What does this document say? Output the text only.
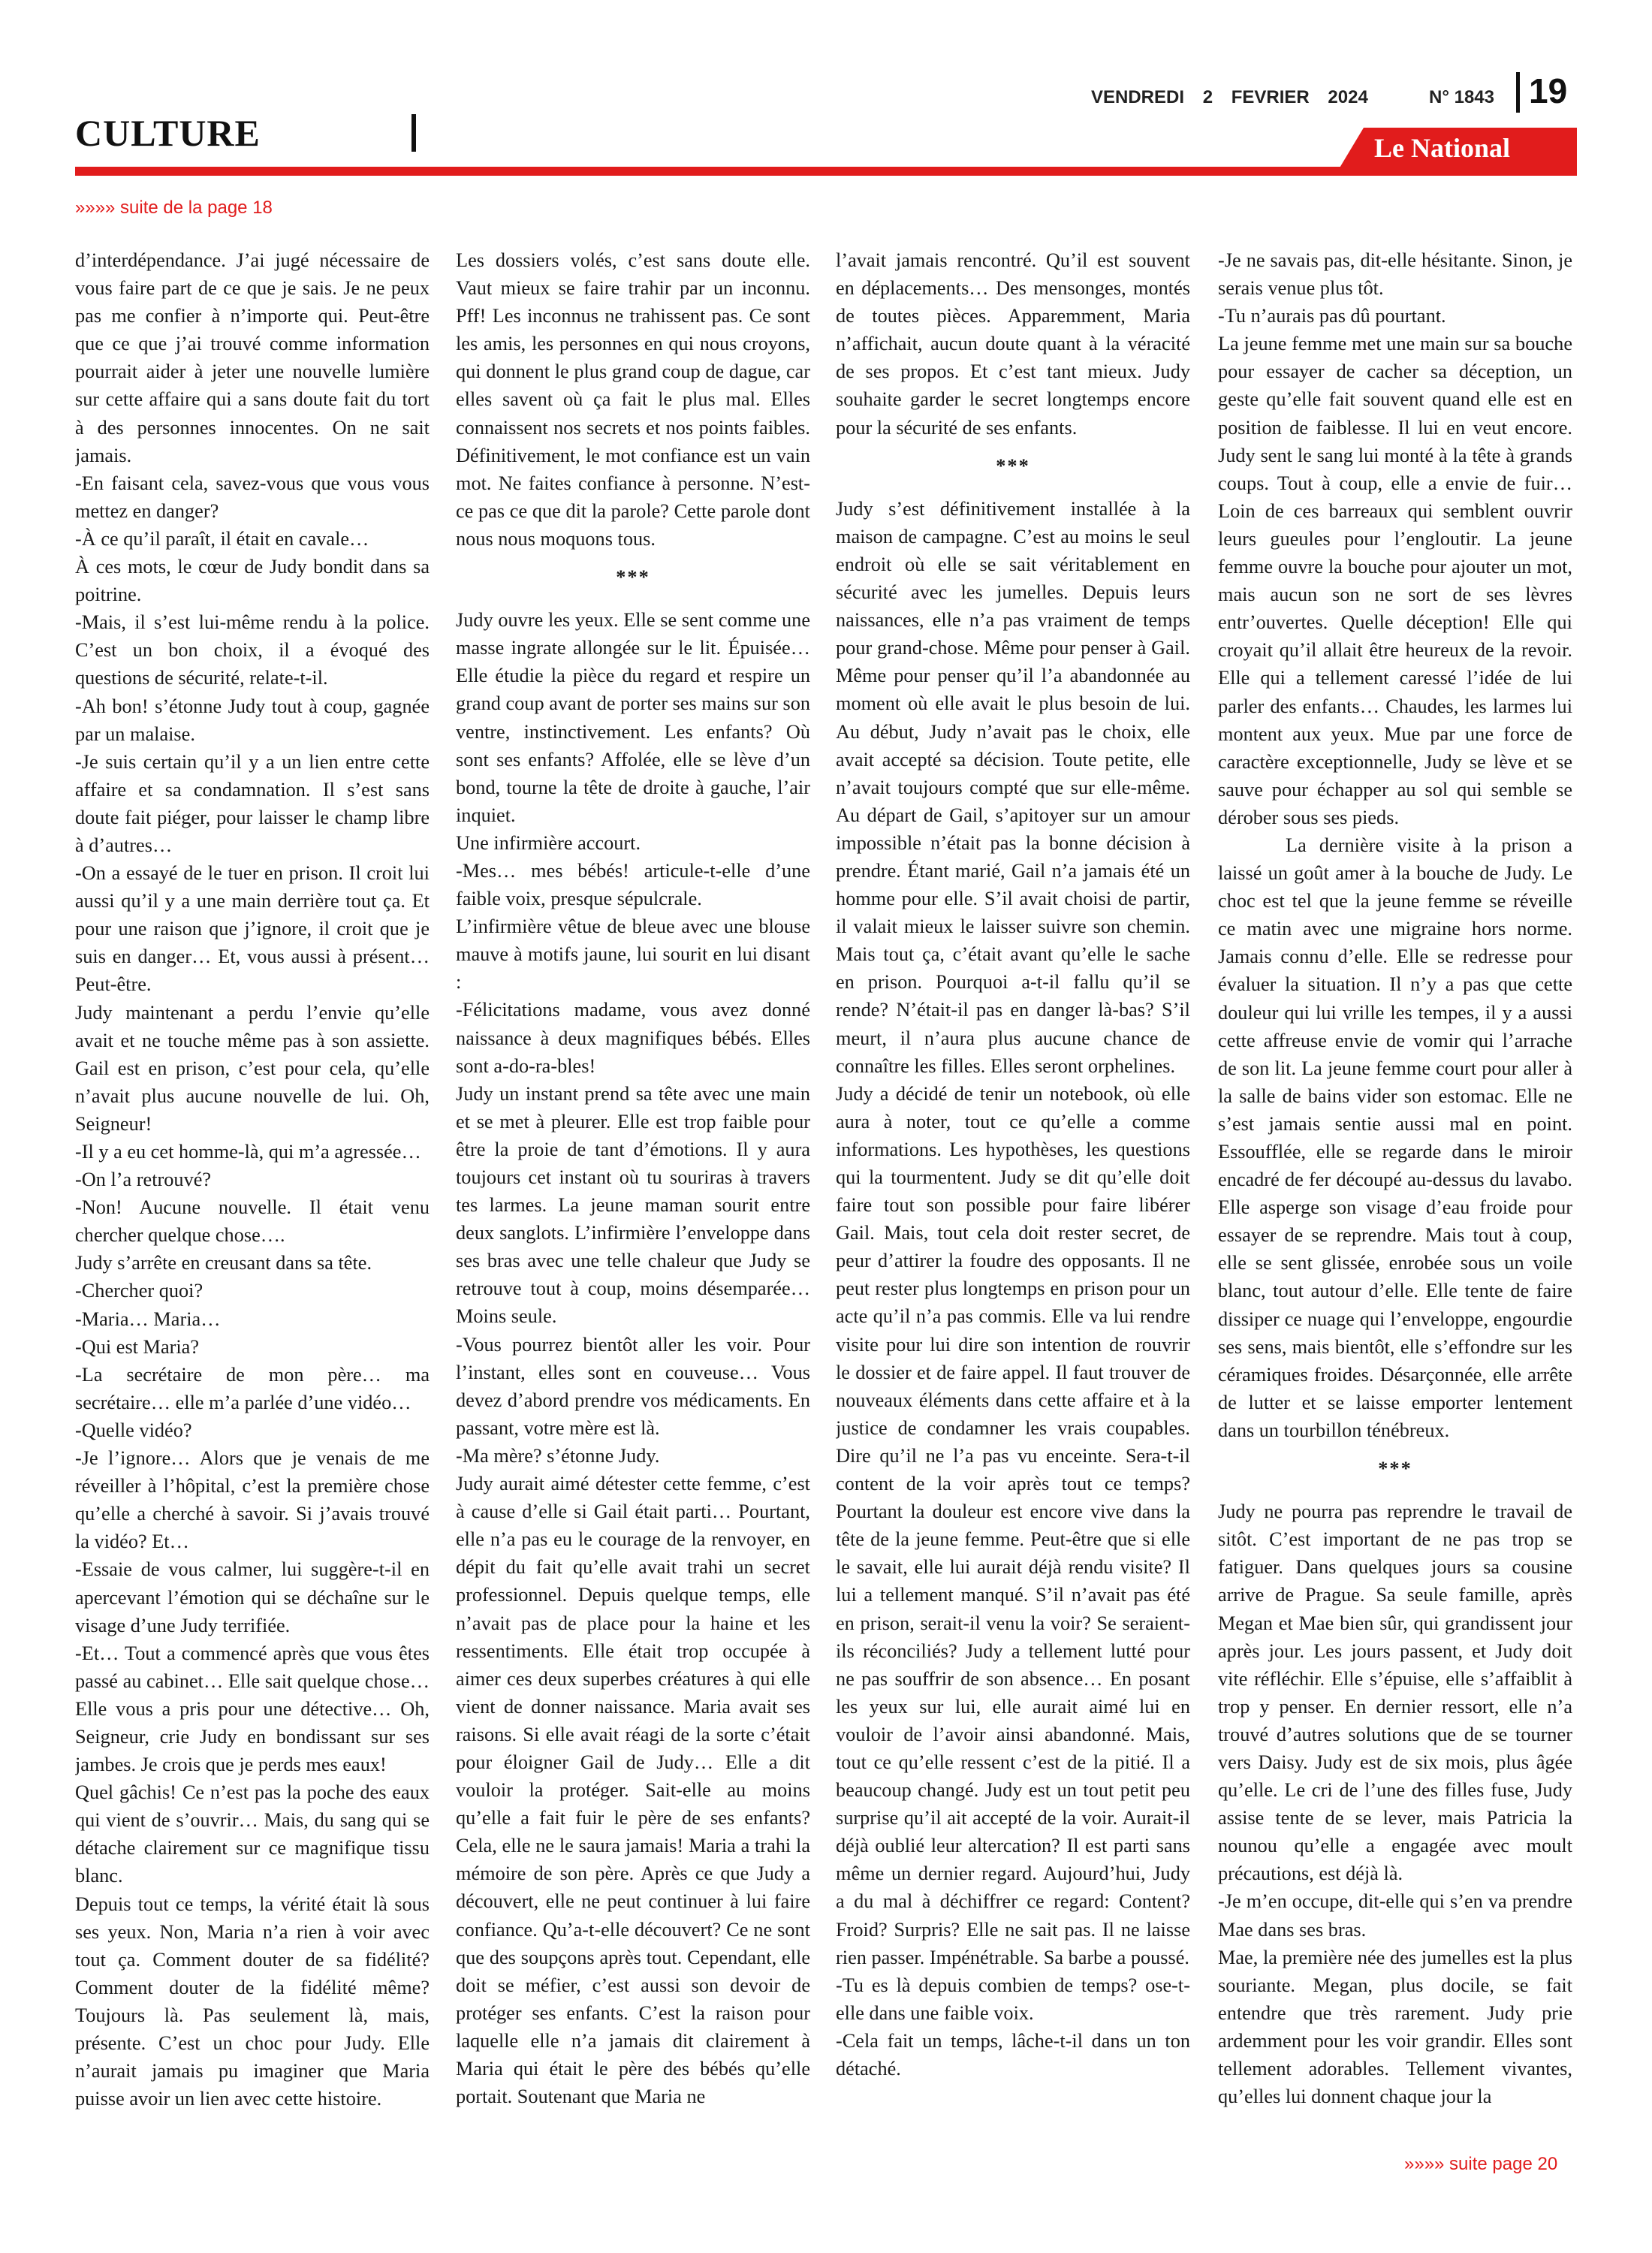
CULTURE
VENDREDI 2 FEVRIER 2024	N° 1843 19
Le National
»»»» suite de la page 18

d’interdépendance. J’ai jugé nécessaire de vous faire part de ce que je sais. Je ne peux pas me confier à n’importe qui. Peut-être que ce que j’ai trouvé comme information pourrait aider à jeter une nouvelle lumière sur cette affaire qui a sans doute fait du tort à des personnes innocentes. On ne sait jamais.

-En faisant cela, savez-vous que vous vous mettez en danger?

-À ce qu’il paraît, il était en cavale…

À ces mots, le cœur de Judy bondit dans sa poitrine.

-Mais, il s’est lui-même rendu à la police. C’est un bon choix, il a évoqué des questions de sécurité, relate-t-il.

-Ah bon! s’étonne Judy tout à coup, gagnée par un malaise.

-Je suis certain qu’il y a un lien entre cette affaire et sa condamnation. Il s’est sans doute fait piéger, pour laisser le champ libre à d’autres…

-On a essayé de le tuer en prison. Il croit lui aussi qu’il y a une main derrière tout ça. Et pour une raison que j’ignore, il croit que je suis en danger… Et, vous aussi à présent… Peut-être.

Judy maintenant a perdu l’envie qu’elle avait et ne touche même pas à son assiette. Gail est en prison, c’est pour cela, qu’elle n’avait plus aucune nouvelle de lui. Oh, Seigneur!

-Il y a eu cet homme-là, qui m’a agressée…

-On l’a retrouvé?

-Non! Aucune nouvelle. Il était venu chercher quelque chose….

Judy s’arrête en creusant dans sa tête.

-Chercher quoi?

-Maria… Maria…

-Qui est Maria?

-La secrétaire de mon père… ma secrétaire… elle m’a parlée d’une vidéo…

-Quelle vidéo?

-Je l’ignore… Alors que je venais de me réveiller à l’hôpital, c’est la première chose qu’elle a cherché à savoir. Si j’avais trouvé la vidéo? Et…

-Essaie de vous calmer, lui suggère-t-il en apercevant l’émotion qui se déchaîne sur le visage d’une Judy terrifiée.

-Et… Tout a commencé après que vous êtes passé au cabinet… Elle sait quelque chose… Elle vous a pris pour une détective… Oh, Seigneur, crie Judy en bondissant sur ses jambes. Je crois que je perds mes eaux!

Quel gâchis! Ce n’est pas la poche des eaux qui vient de s’ouvrir… Mais, du sang qui se détache clairement sur ce magnifique tissu blanc.

Depuis tout ce temps, la vérité était là sous ses yeux. Non, Maria n’a rien à voir avec tout ça. Comment douter de sa fidélité? Comment douter de la fidélité même? Toujours là. Pas seulement là, mais, présente. C’est un choc pour Judy. Elle n’aurait jamais pu imaginer que Maria puisse avoir un lien avec cette histoire.

Les dossiers volés, c’est sans doute elle. Vaut mieux se faire trahir par un inconnu. Pff! Les inconnus ne trahissent pas. Ce sont les amis, les personnes en qui nous croyons, qui donnent le plus grand coup de dague, car elles savent où ça fait le plus mal. Elles connaissent nos secrets et nos points faibles. Définitivement, le mot confiance est un vain mot. Ne faites confiance à personne. N’est-ce pas ce que dit la parole? Cette parole dont nous nous moquons tous.

***

Judy ouvre les yeux. Elle se sent comme une masse ingrate allongée sur le lit. Épuisée… Elle étudie la pièce du regard et respire un grand coup avant de porter ses mains sur son ventre, instinctivement. Les enfants? Où sont ses enfants? Affolée, elle se lève d’un bond, tourne la tête de droite à gauche, l’air inquiet.

Une infirmière accourt.

-Mes… mes bébés! articule-t-elle d’une faible voix, presque sépulcrale.

L’infirmière vêtue de bleue avec une blouse mauve à motifs jaune, lui sourit en lui disant :

-Félicitations madame, vous avez donné naissance à deux magnifiques bébés. Elles sont a-do-ra-bles!

Judy un instant prend sa tête avec une main et se met à pleurer. Elle est trop faible pour être la proie de tant d’émotions. Il y aura toujours cet instant où tu souriras à travers tes larmes. La jeune maman sourit entre deux sanglots. L’infirmière l’enveloppe dans ses bras avec une telle chaleur que Judy se retrouve tout à coup, moins désemparée… Moins seule.

-Vous pourrez bientôt aller les voir. Pour l’instant, elles sont en couveuse… Vous devez d’abord prendre vos médicaments. En passant, votre mère est là.

-Ma mère? s’étonne Judy.

Judy aurait aimé détester cette femme, c’est à cause d’elle si Gail était parti… Pourtant, elle n’a pas eu le courage de la renvoyer, en dépit du fait qu’elle avait trahi un secret professionnel. Depuis quelque temps, elle n’avait pas de place pour la haine et les ressentiments. Elle était trop occupée à aimer ces deux superbes créatures à qui elle vient de donner naissance. Maria avait ses raisons. Si elle avait réagi de la sorte c’était pour éloigner Gail de Judy… Elle a dit vouloir la protéger. Sait-elle au moins qu’elle a fait fuir le père de ses enfants? Cela, elle ne le saura jamais! Maria a trahi la mémoire de son père. Après ce que Judy a découvert, elle ne peut continuer à lui faire confiance. Qu’a-t-elle découvert? Ce ne sont que des soupçons après tout. Cependant, elle doit se méfier, c’est aussi son devoir de protéger ses enfants. C’est la raison pour laquelle elle n’a jamais dit clairement à Maria qui était le père des bébés qu’elle portait. Soutenant que Maria ne

l’avait jamais rencontré. Qu’il est souvent en déplacements… Des mensonges, montés de toutes pièces. Apparemment, Maria n’affichait, aucun doute quant à la véracité de ses propos. Et c’est tant mieux. Judy souhaite garder le secret longtemps encore pour la sécurité de ses enfants.

***

Judy s’est définitivement installée à la maison de campagne. C’est au moins le seul endroit où elle se sait véritablement en sécurité avec les jumelles. Depuis leurs naissances, elle n’a pas vraiment de temps pour grand-chose. Même pour penser à Gail. Même pour penser qu’il l’a abandonnée au moment où elle avait le plus besoin de lui. Au début, Judy n’avait pas le choix, elle avait accepté sa décision. Toute petite, elle n’avait toujours compté que sur elle-même. Au départ de Gail, s’apitoyer sur un amour impossible n’était pas la bonne décision à prendre. Étant marié, Gail n’a jamais été un homme pour elle. S’il avait choisi de partir, il valait mieux le laisser suivre son chemin. Mais tout ça, c’était avant qu’elle le sache en prison. Pourquoi a-t-il fallu qu’il se rende? N’était-il pas en danger là-bas? S’il meurt, il n’aura plus aucune chance de connaître les filles. Elles seront orphelines.

Judy a décidé de tenir un notebook, où elle aura à noter, tout ce qu’elle a comme informations. Les hypothèses, les questions qui la tourmentent. Judy se dit qu’elle doit faire tout son possible pour faire libérer Gail. Mais, tout cela doit rester secret, de peur d’attirer la foudre des opposants. Il ne peut rester plus longtemps en prison pour un acte qu’il n’a pas commis. Elle va lui rendre visite pour lui dire son intention de rouvrir le dossier et de faire appel. Il faut trouver de nouveaux éléments dans cette affaire et à la justice de condamner les vrais coupables. Dire qu’il ne l’a pas vu enceinte. Sera-t-il content de la voir après tout ce temps? Pourtant la douleur est encore vive dans la tête de la jeune femme. Peut-être que si elle le savait, elle lui aurait déjà rendu visite? Il lui a tellement manqué. S’il n’avait pas été en prison, serait-il venu la voir? Se seraient-ils réconciliés? Judy a tellement lutté pour ne pas souffrir de son absence… En posant les yeux sur lui, elle aurait aimé lui en vouloir de l’avoir ainsi abandonné. Mais, tout ce qu’elle ressent c’est de la pitié. Il a beaucoup changé. Judy est un tout petit peu surprise qu’il ait accepté de la voir. Aurait-il déjà oublié leur altercation? Il est parti sans même un dernier regard. Aujourd’hui, Judy a du mal à déchiffrer ce regard: Content? Froid? Surpris? Elle ne sait pas. Il ne laisse rien passer. Impénétrable. Sa barbe a poussé.

-Tu es là depuis combien de temps? ose-t-elle dans une faible voix.

-Cela fait un temps, lâche-t-il dans un ton détaché.

-Je ne savais pas, dit-elle hésitante. Sinon, je serais venue plus tôt.

-Tu n’aurais pas dû pourtant.

La jeune femme met une main sur sa bouche pour essayer de cacher sa déception, un geste qu’elle fait souvent quand elle est en position de faiblesse. Il lui en veut encore. Judy sent le sang lui monté à la tête à grands coups. Tout à coup, elle a envie de fuir… Loin de ces barreaux qui semblent ouvrir leurs gueules pour l’engloutir. La jeune femme ouvre la bouche pour ajouter un mot, mais aucun son ne sort de ses lèvres entr’ouvertes. Quelle déception! Elle qui croyait qu’il allait être heureux de la revoir. Elle qui a tellement caressé l’idée de lui parler des enfants… Chaudes, les larmes lui montent aux yeux. Mue par une force de caractère exceptionnelle, Judy se lève et se sauve pour échapper au sol qui semble se dérober sous ses pieds.

La dernière visite à la prison a laissé un goût amer à la bouche de Judy. Le choc est tel que la jeune femme se réveille ce matin avec une migraine hors norme. Jamais connu d’elle. Elle se redresse pour évaluer la situation. Il n’y a pas que cette douleur qui lui vrille les tempes, il y a aussi cette affreuse envie de vomir qui l’arrache de son lit. La jeune femme court pour aller à la salle de bains vider son estomac. Elle ne s’est jamais sentie aussi mal en point. Essoufflée, elle se regarde dans le miroir encadré de fer découpé au-dessus du lavabo. Elle asperge son visage d’eau froide pour essayer de se reprendre. Mais tout à coup, elle se sent glissée, enrobée sous un voile blanc, tout autour d’elle. Elle tente de faire dissiper ce nuage qui l’enveloppe, engourdie ses sens, mais bientôt, elle s’effondre sur les céramiques froides. Désarçonnée, elle arrête de lutter et se laisse emporter lentement dans un tourbillon ténébreux.

***

Judy ne pourra pas reprendre le travail de sitôt. C’est important de ne pas trop se fatiguer. Dans quelques jours sa cousine arrive de Prague. Sa seule famille, après Megan et Mae bien sûr, qui grandissent jour après jour. Les jours passent, et Judy doit vite réfléchir. Elle s’épuise, elle s’affaiblit à trop y penser. En dernier ressort, elle n’a trouvé d’autres solutions que de se tourner vers Daisy. Judy est de six mois, plus âgée qu’elle. Le cri de l’une des filles fuse, Judy assise tente de se lever, mais Patricia la nounou qu’elle a engagée avec moult précautions, est déjà là.

-Je m’en occupe, dit-elle qui s’en va prendre Mae dans ses bras.

Mae, la première née des jumelles est la plus souriante. Megan, plus docile, se fait entendre que très rarement. Judy prie ardemment pour les voir grandir. Elles sont tellement adorables. Tellement vivantes, qu’elles lui donnent chaque jour la

»»»» suite page 20
